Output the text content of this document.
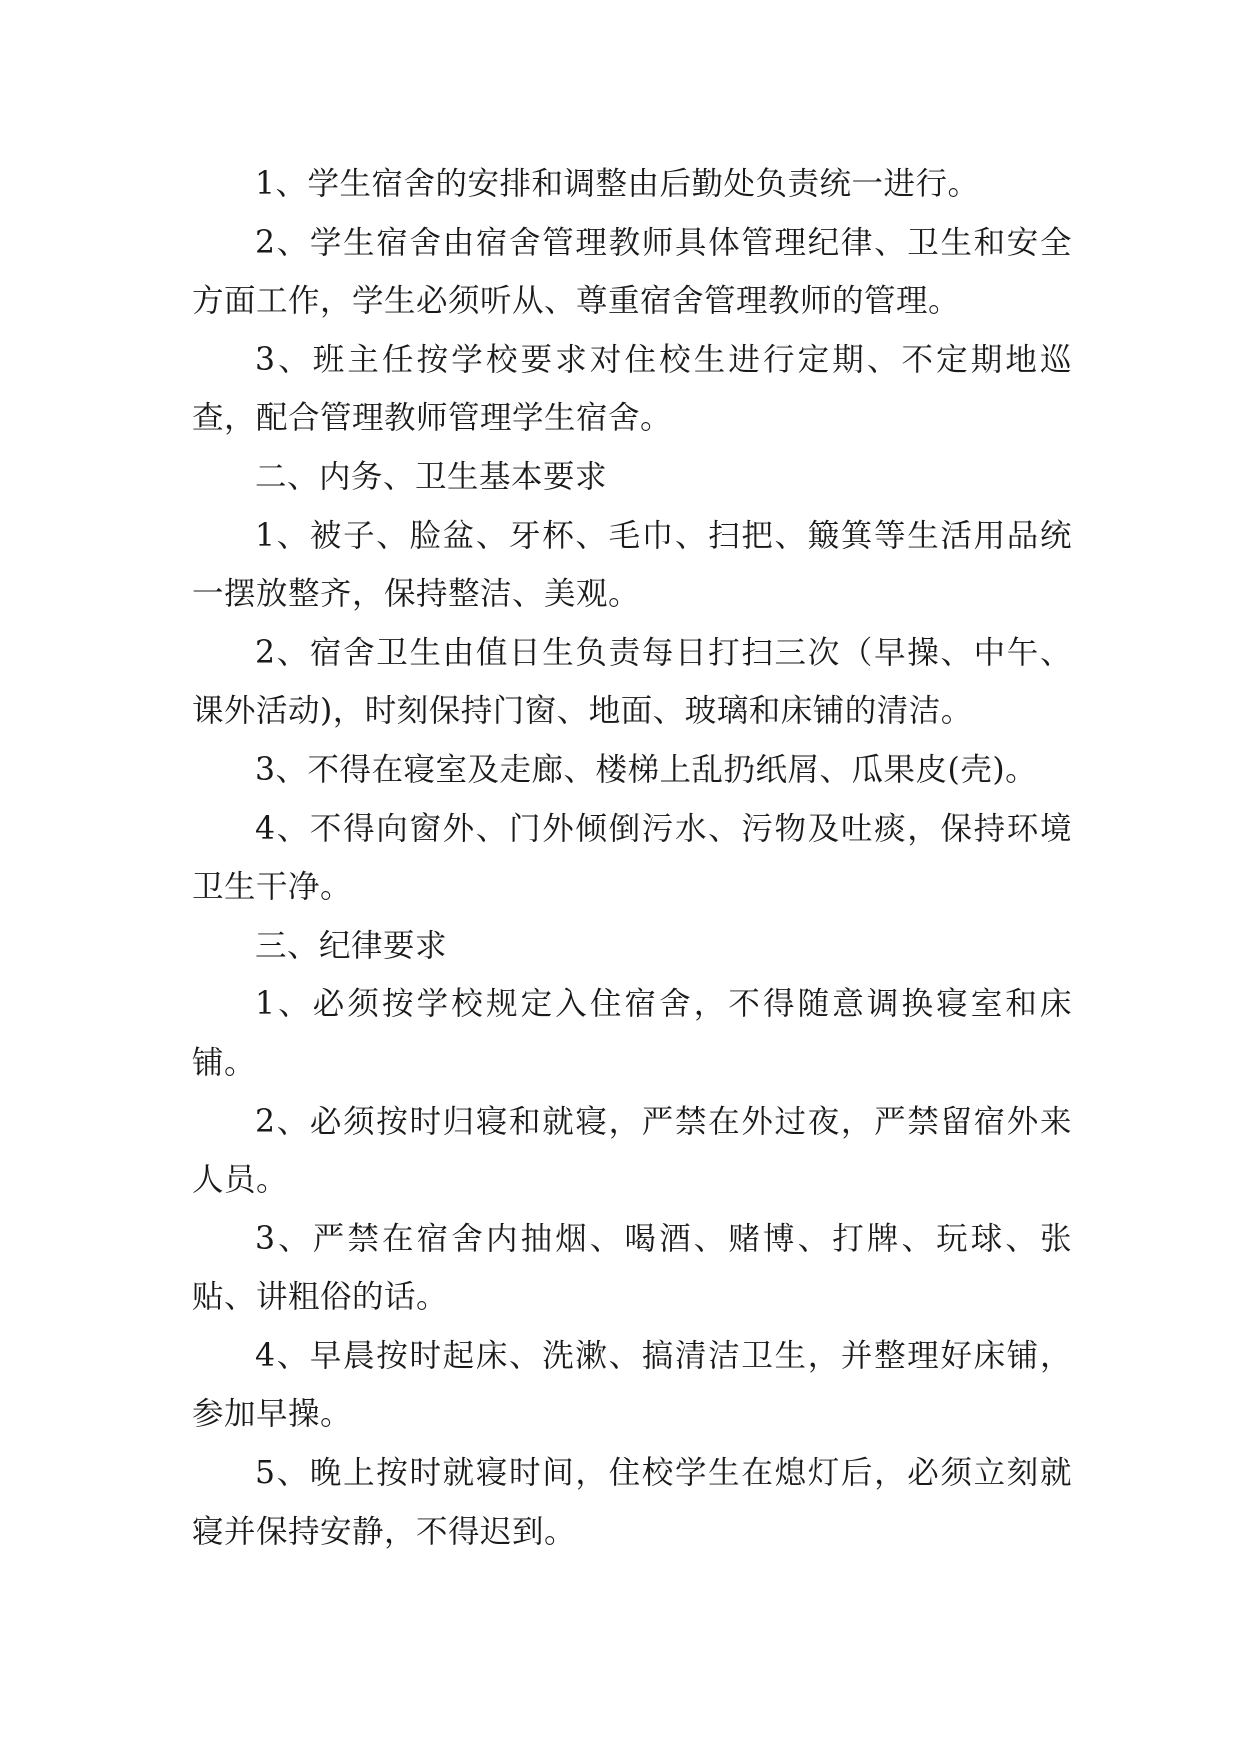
1、学生宿舍的安排和调整由后勤处负责统一进行。

2、学生宿舍由宿舍管理教师具体管理纪律、卫生和安全方面工作，学生必须听从、尊重宿舍管理教师的管理。

3、班主任按学校要求对住校生进行定期、不定期地巡查，配合管理教师管理学生宿舍。

二、内务、卫生基本要求

1、被子、脸盆、牙杯、毛巾、扫把、簸箕等生活用品统一摆放整齐，保持整洁、美观。

2、宿舍卫生由值日生负责每日打扫三次（早操、中午、课外活动)，时刻保持门窗、地面、玻璃和床铺的清洁。

3、不得在寝室及走廊、楼梯上乱扔纸屑、瓜果皮(壳)。

4、不得向窗外、门外倾倒污水、污物及吐痰，保持环境卫生干净。

三、纪律要求

1、必须按学校规定入住宿舍，不得随意调换寝室和床铺。

2、必须按时归寝和就寝，严禁在外过夜，严禁留宿外来人员。

3、严禁在宿舍内抽烟、喝酒、赌博、打牌、玩球、张贴、讲粗俗的话。

4、早晨按时起床、洗漱、搞清洁卫生，并整理好床铺，参加早操。

5、晚上按时就寝时间，住校学生在熄灯后，必须立刻就寝并保持安静，不得迟到。
